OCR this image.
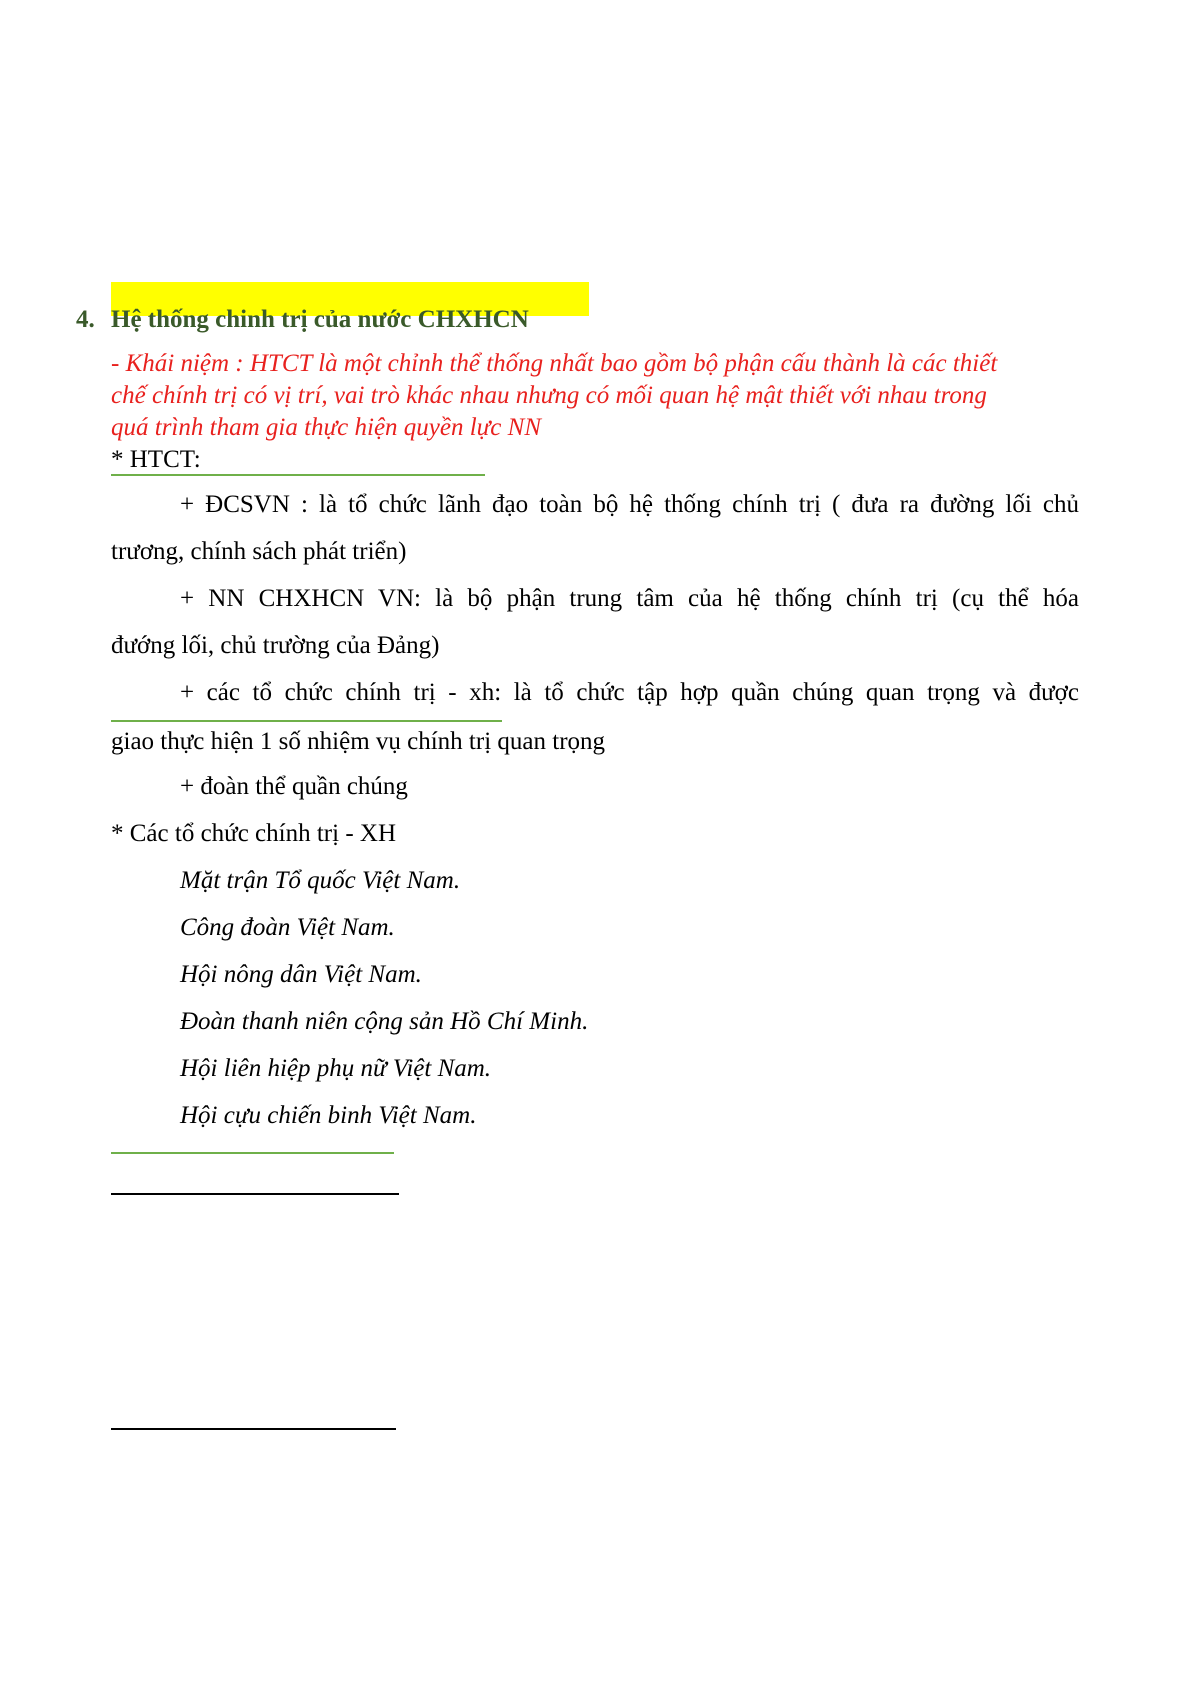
4. Hệ thống chinh trị của nước CHXHCN
- Khái niệm : HTCT là một chỉnh thể thống nhất bao gồm bộ phận cấu thành là các thiết
chế chính trị có vị trí, vai trò khác nhau nhưng có mối quan hệ mật thiết với nhau trong
quá trình tham gia thực hiện quyền lực NN
* HTCT:
+ ĐCSVN : là tổ chức lãnh đạo toàn bộ hệ thống chính trị ( đưa ra đường lối chủ
trương, chính sách phát triển)
+ NN CHXHCN VN: là bộ phận trung tâm của hệ thống chính trị (cụ thể hóa
đướng lối, chủ trường của Đảng)
+ các tổ chức chính trị - xh: là tổ chức tập hợp quần chúng quan trọng và được
giao thực hiện 1 số nhiệm vụ chính trị quan trọng
+ đoàn thể quần chúng
* Các tổ chức chính trị - XH
Mặt trận Tổ quốc Việt Nam.
Công đoàn Việt Nam.
Hội nông dân Việt Nam.
Đoàn thanh niên cộng sản Hồ Chí Minh.
Hội liên hiệp phụ nữ Việt Nam.
Hội cựu chiến binh Việt Nam.
